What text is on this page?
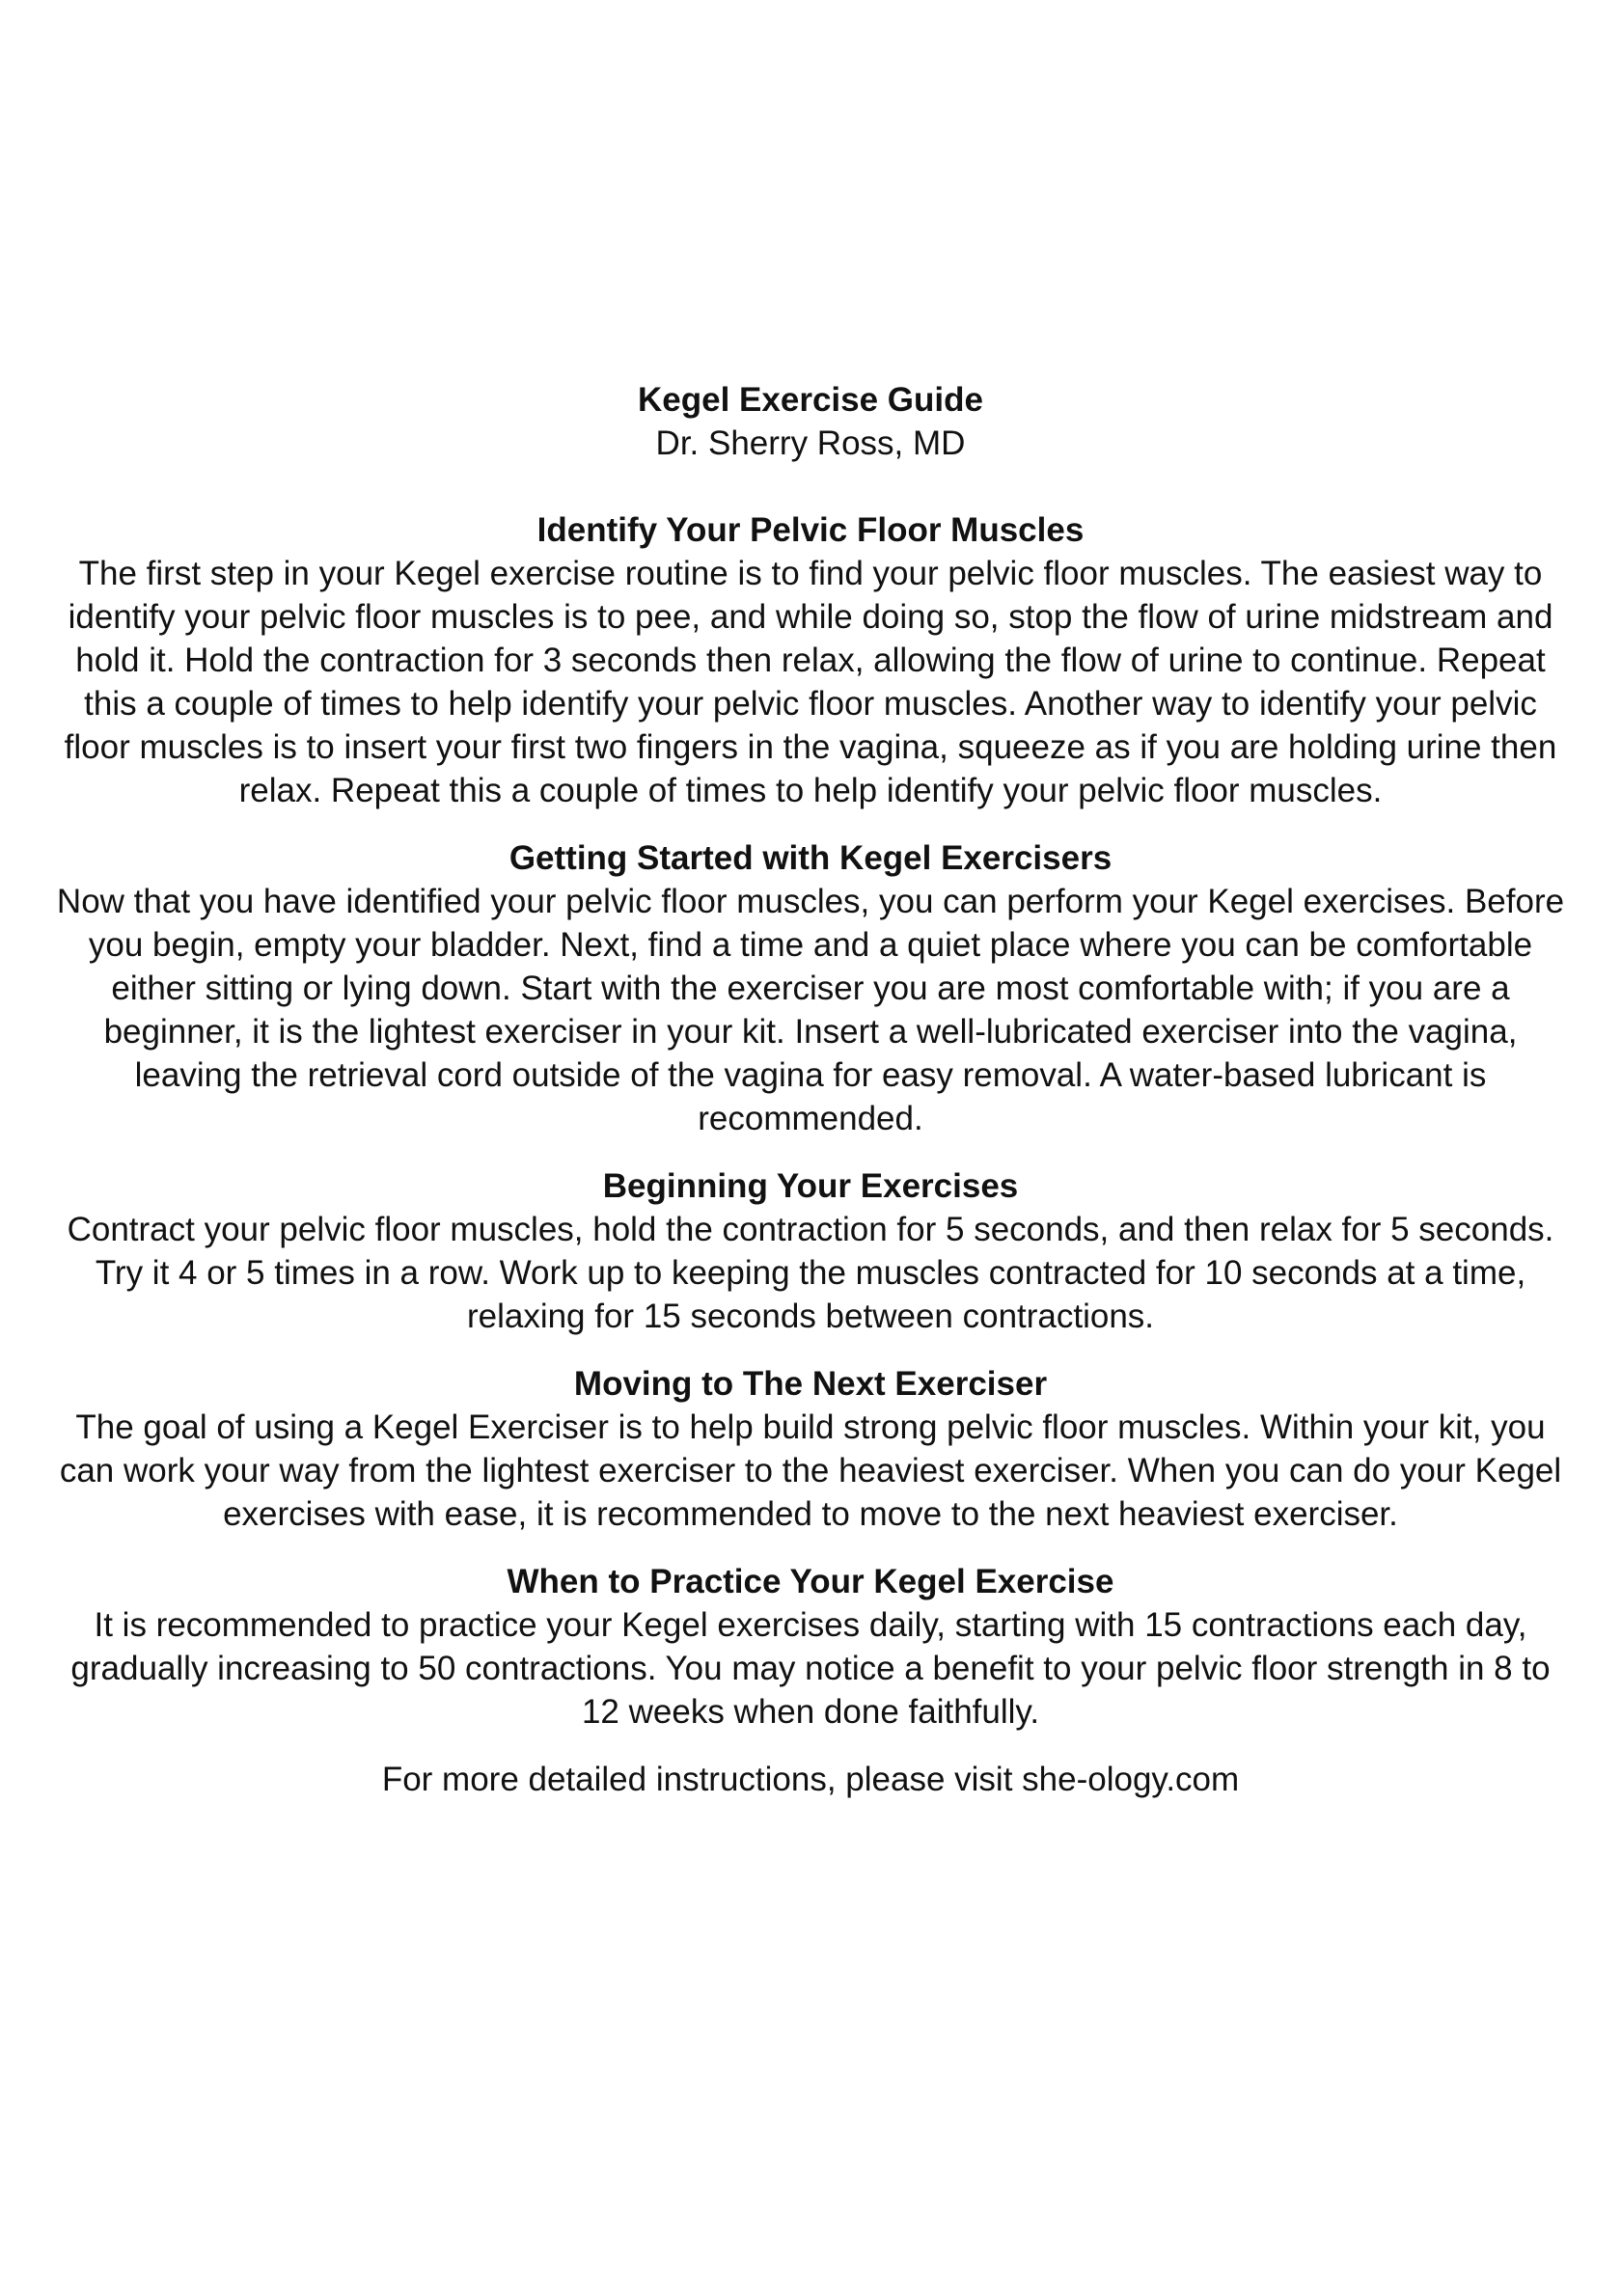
Kegel Exercise Guide

Dr. Sherry Ross, MD

Identify Your Pelvic Floor Muscles

The first step in your Kegel exercise routine is to find your pelvic floor muscles. The easiest way to identify your pelvic floor muscles is to pee, and while doing so, stop the flow of urine midstream and hold it. Hold the contraction for 3 seconds then relax, allowing the flow of urine to continue. Repeat this a couple of times to help identify your pelvic floor muscles. Another way to identify your pelvic floor muscles is to insert your first two fingers in the vagina, squeeze as if you are holding urine then relax. Repeat this a couple of times to help identify your pelvic floor muscles.

Getting Started with Kegel Exercisers

Now that you have identified your pelvic floor muscles, you can perform your Kegel exercises. Before you begin, empty your bladder. Next, find a time and a quiet place where you can be comfortable either sitting or lying down. Start with the exerciser you are most comfortable with; if you are a beginner, it is the lightest exerciser in your kit. Insert a well-lubricated exerciser into the vagina, leaving the retrieval cord outside of the vagina for easy removal. A water-based lubricant is recommended.

Beginning Your Exercises

Contract your pelvic floor muscles, hold the contraction for 5 seconds, and then relax for 5 seconds. Try it 4 or 5 times in a row. Work up to keeping the muscles contracted for 10 seconds at a time, relaxing for 15 seconds between contractions.

Moving to The Next Exerciser

The goal of using a Kegel Exerciser is to help build strong pelvic floor muscles. Within your kit, you can work your way from the lightest exerciser to the heaviest exerciser. When you can do your Kegel exercises with ease, it is recommended to move to the next heaviest exerciser.

When to Practice Your Kegel Exercise

It is recommended to practice your Kegel exercises daily, starting with 15 contractions each day, gradually increasing to 50 contractions. You may notice a benefit to your pelvic floor strength in 8 to 12 weeks when done faithfully.

For more detailed instructions, please visit she-ology.com
